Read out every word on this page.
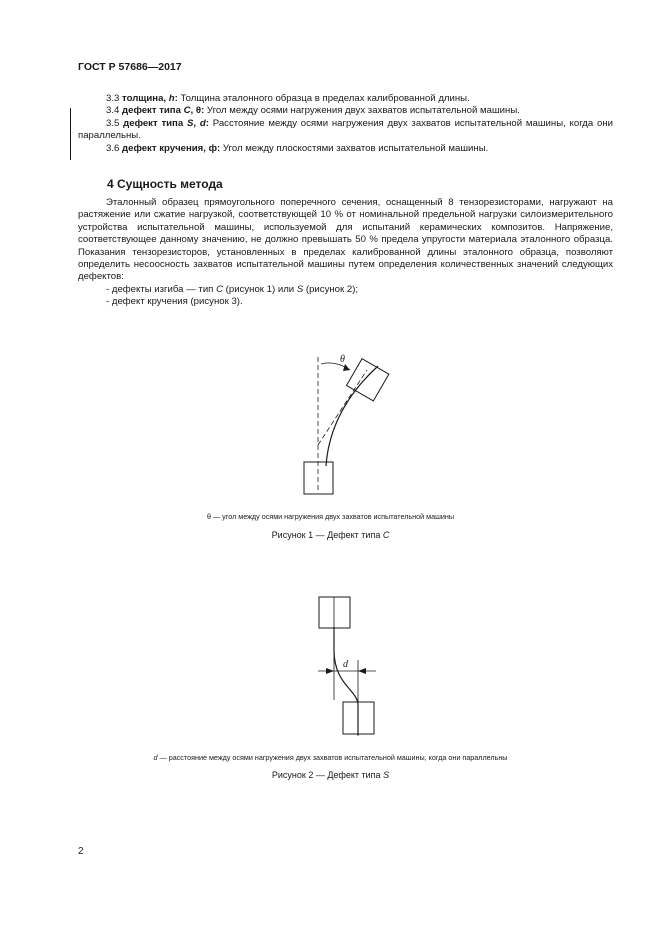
ГОСТ Р 57686—2017
3.3 толщина, h: Толщина эталонного образца в пределах калиброванной длины.
3.4 дефект типа C, θ: Угол между осями нагружения двух захватов испытательной машины.
3.5 дефект типа S, d: Расстояние между осями нагружения двух захватов испытательной машины, когда они параллельны.
3.6 дефект кручения, ф: Угол между плоскостями захватов испытательной машины.
4 Сущность метода
Эталонный образец прямоугольного поперечного сечения, оснащенный 8 тензорезисторами, нагружают на растяжение или сжатие нагрузкой, соответствующей 10 % от номинальной предельной нагрузки силоизмерительного устройства испытательной машины, используемой для испытаний керамических композитов. Напряжение, соответствующее данному значению, не должно превышать 50 % предела упругости материала эталонного образца. Показания тензорезисторов, установленных в пределах калиброванной длины эталонного образца, позволяют определить несоосность захватов испытательной машины путем определения количественных значений следующих дефектов:
- дефекты изгиба — тип C (рисунок 1) или S (рисунок 2);
- дефект кручения (рисунок 3).
θ
θ — угол между осями нагружения двух захватов испытательной машины
Рисунок 1 — Дефект типа C
d
d — расстояние между осями нагружения двух захватов испытательной машины, когда они параллельны
Рисунок 2 — Дефект типа S
2
